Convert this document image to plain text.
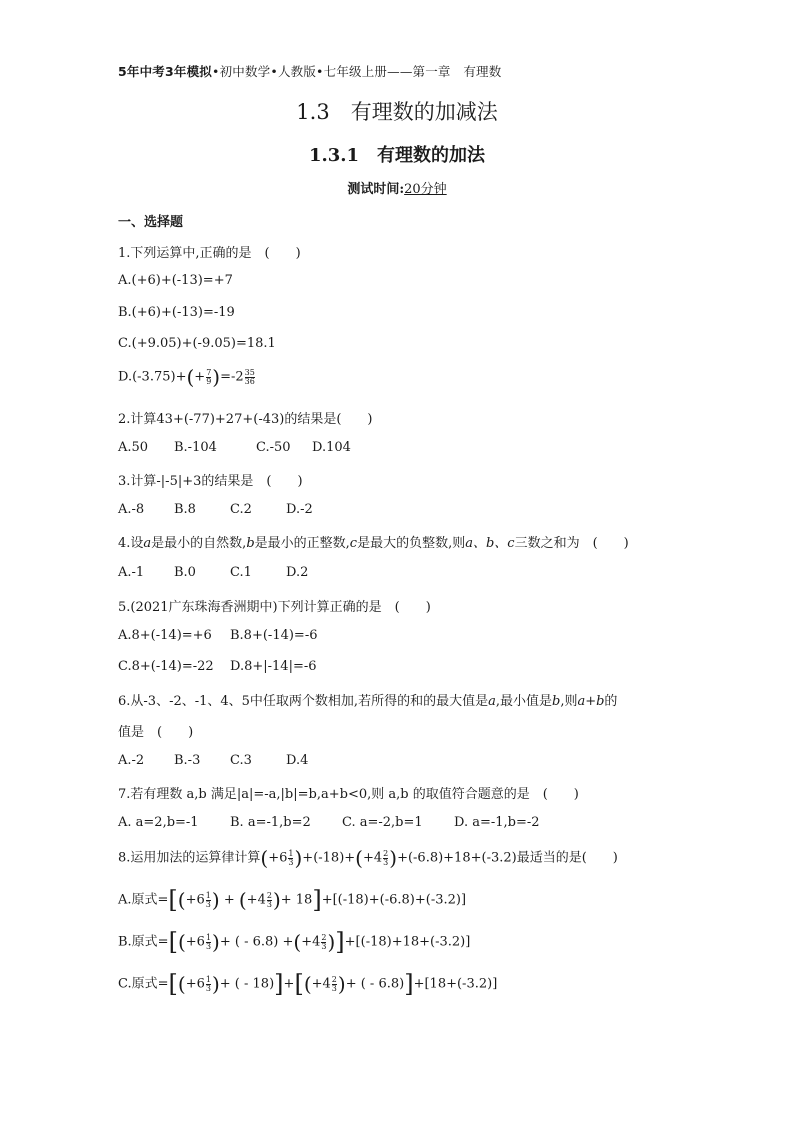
5年中考3年模拟•初中数学•人教版•七年级上册——第一章　有理数
1.3　有理数的加减法
1.3.1　有理数的加法
测试时间:20分钟
一、选择题
1.下列运算中,正确的是　(　　)
A.(+6)+(-13)=+7
B.(+6)+(-13)=-19
C.(+9.05)+(-9.05)=18.1
$D.(-3.75)+(+ \frac{7}{9} )=-2 \frac{35}{36}$
2.计算43+(-77)+27+(-43)的结果是(　　)
A.50 B.-104	C.-50 D.104
3.计算-|-5|+3的结果是　(　　)
A.-8 B.8	C.2	D.-2
4.设a是最小的自然数,b是最小的正整数,c是最大的负整数,则a、b、c三数之和为　(　　)
A.-1 B.0	C.1	D.2
5.(2021广东珠海香洲期中)下列计算正确的是　(　　)
A.8+(-14)=+6 B.8+(-14)=-6
C.8+(-14)=-22 D.8+|-14|=-6
6.从-3、-2、-1、4、5中任取两个数相加,若所得的和的最大值是a,最小值是b,则a+b的
值是　(　　)
A.-2 B.-3 C.3	D.4
7.若有理数 a,b 满足|a|=-a,|b|=b,a+b<0,则 a,b 的取值符合题意的是　(　　)
A. a=2,b=-1 B. a=-1,b=2 C. a=-2,b=1 D. a=-1,b=-2
8.运用加法的运算律计算$(+6 \frac{1}{3} )+(-18)+(+4 \frac{2}{3} )+(-6.8)+18+(-3.2)$最适当的是(　　)
A.原式$=[(+6 \frac{1}{3}$ ) + ($+4 \frac{2}{3}$ )+ 18]+[(-18)+(-6.8)+(-3.2)]
B.原式$=[(+6 \frac{1}{3}$ )+ ( - $6.8) +(+4 \frac{2}{3} )]+[(-18)+18+(-3.2)]$
C.原式$=[(+6 \frac{1}{3}$ )+ ( - $18)]+[(+4 \frac{2}{3}$ )+ ( - 6.8)]+[18+(-3.2)]
